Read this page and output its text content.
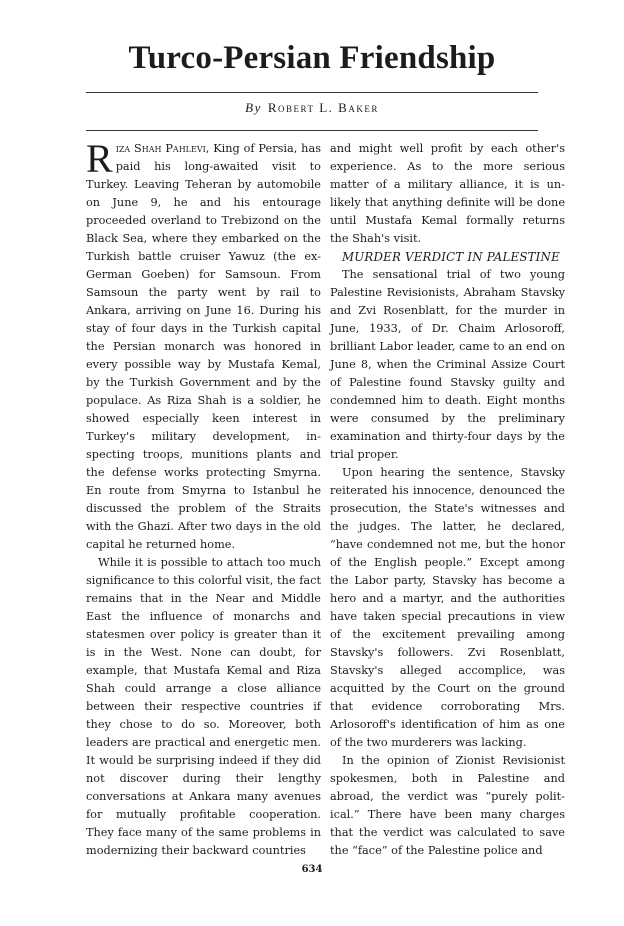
Turco-Persian Friendship
By Robert L. Baker

Riza Shah Pahlevi, King of Persia, has paid his long-awaited visit to Turkey. Leaving Teheran by automobile on June 9, he and his entourage proceeded overland to Trebizond on the Black Sea, where they embarked on the Turkish battle cruiser Yawuz (the ex-German Goeben) for Samsoun. From Samsoun the party went by rail to Ankara, arriving on June 16. During his stay of four days in the Turkish capital the Persian monarch was honored in every possible way by Mustafa Kemal, by the Turkish Government and by the populace. As Riza Shah is a soldier, he showed especially keen interest in Turkey's military development, inspecting troops, munitions plants and the defense works protecting Smyrna. En route from Smyrna to Istanbul he discussed the problem of the Straits with the Ghazi. After two days in the old capital he returned home.

While it is possible to attach too much significance to this colorful visit, the fact remains that in the Near and Middle East the influence of monarchs and statesmen over policy is greater than it is in the West. None can doubt, for example, that Mustafa Kemal and Riza Shah could arrange a close alliance between their respective countries if they chose to do so. Moreover, both leaders are practical and energetic men. It would be surprising indeed if they did not discover during their lengthy conversations at Ankara many avenues for mutually profitable cooperation. They face many of the same problems in modernizing their backward countries

and might well profit by each other's experience. As to the more serious matter of a military alliance, it is unlikely that anything definite will be done until Mustafa Kemal formally returns the Shah's visit.

MURDER VERDICT IN PALESTINE

The sensational trial of two young Palestine Revisionists, Abraham Stavsky and Zvi Rosenblatt, for the murder in June, 1933, of Dr. Chaim Arlosoroff, brilliant Labor leader, came to an end on June 8, when the Criminal Assize Court of Palestine found Stavsky guilty and condemned him to death. Eight months were consumed by the preliminary examination and thirty-four days by the trial proper.

Upon hearing the sentence, Stavsky reiterated his innocence, denounced the prosecution, the State's witnesses and the judges. The latter, he declared, “have condemned not me, but the honor of the English people.” Except among the Labor party, Stavsky has become a hero and a martyr, and the authorities have taken special precautions in view of the excitement prevailing among Stavsky's followers. Zvi Rosenblatt, Stavsky's alleged accomplice, was acquitted by the Court on the ground that evidence corroborating Mrs. Arlosoroff's identification of him as one of the two murderers was lacking.

In the opinion of Zionist Revisionist spokesmen, both in Palestine and abroad, the verdict was “purely political.” There have been many charges that the verdict was calculated to save the “face” of the Palestine police and

634
